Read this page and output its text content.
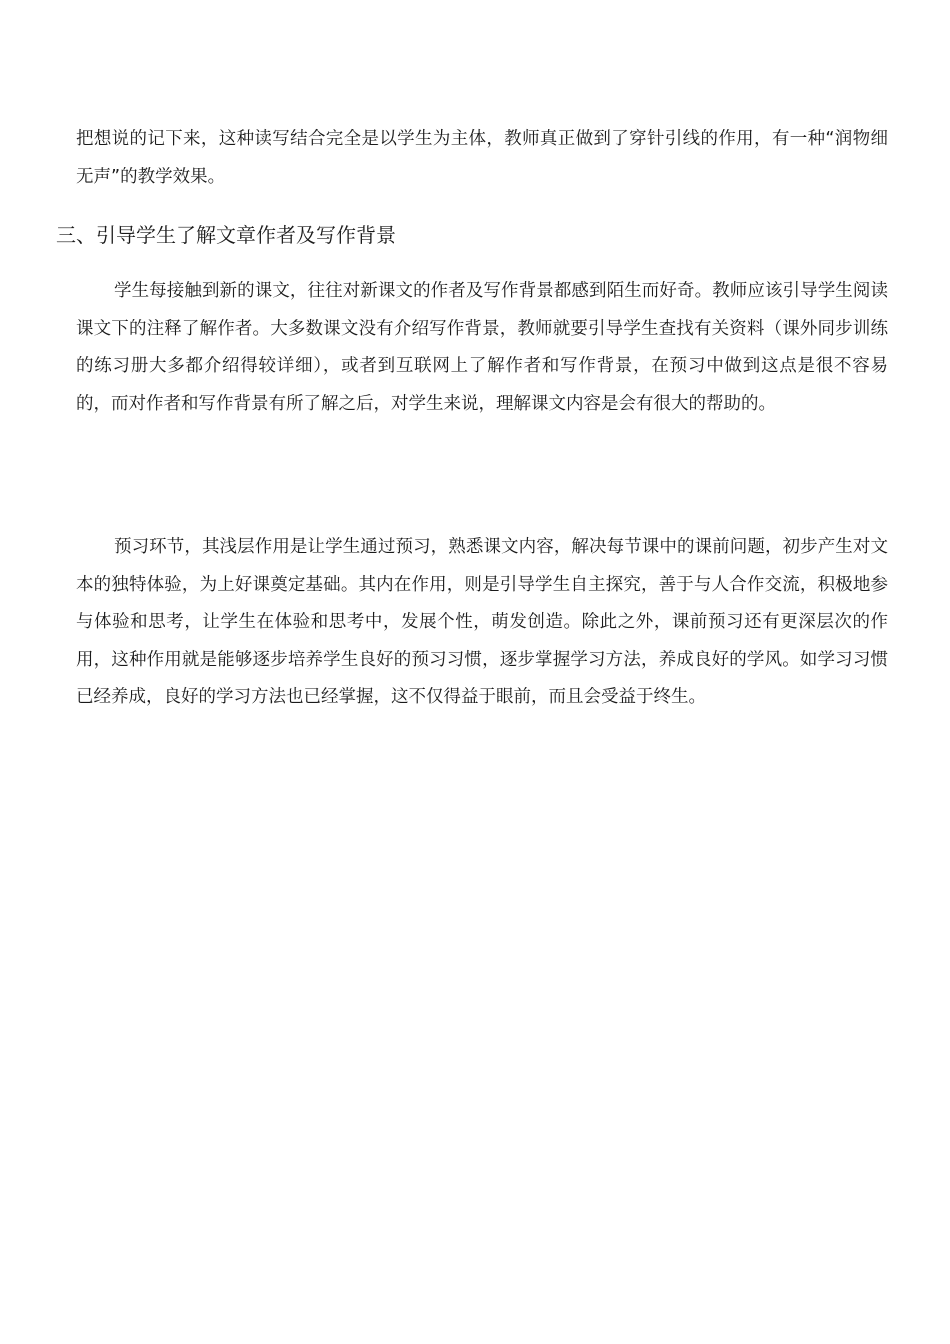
把想说的记下来，这种读写结合完全是以学生为主体，教师真正做到了穿针引线的作用，有一种“润物细无声”的教学效果。

三、引导学生了解文章作者及写作背景

学生每接触到新的课文，往往对新课文的作者及写作背景都感到陌生而好奇。教师应该引导学生阅读课文下的注释了解作者。大多数课文没有介绍写作背景，教师就要引导学生查找有关资料（课外同步训练的练习册大多都介绍得较详细），或者到互联网上了解作者和写作背景，在预习中做到这点是很不容易的，而对作者和写作背景有所了解之后，对学生来说，理解课文内容是会有很大的帮助的。

预习环节，其浅层作用是让学生通过预习，熟悉课文内容，解决每节课中的课前问题，初步产生对文本的独特体验，为上好课奠定基础。其内在作用，则是引导学生自主探究，善于与人合作交流，积极地参与体验和思考，让学生在体验和思考中，发展个性，萌发创造。除此之外，课前预习还有更深层次的作用，这种作用就是能够逐步培养学生良好的预习习惯，逐步掌握学习方法，养成良好的学风。如学习习惯已经养成，良好的学习方法也已经掌握，这不仅得益于眼前，而且会受益于终生。
